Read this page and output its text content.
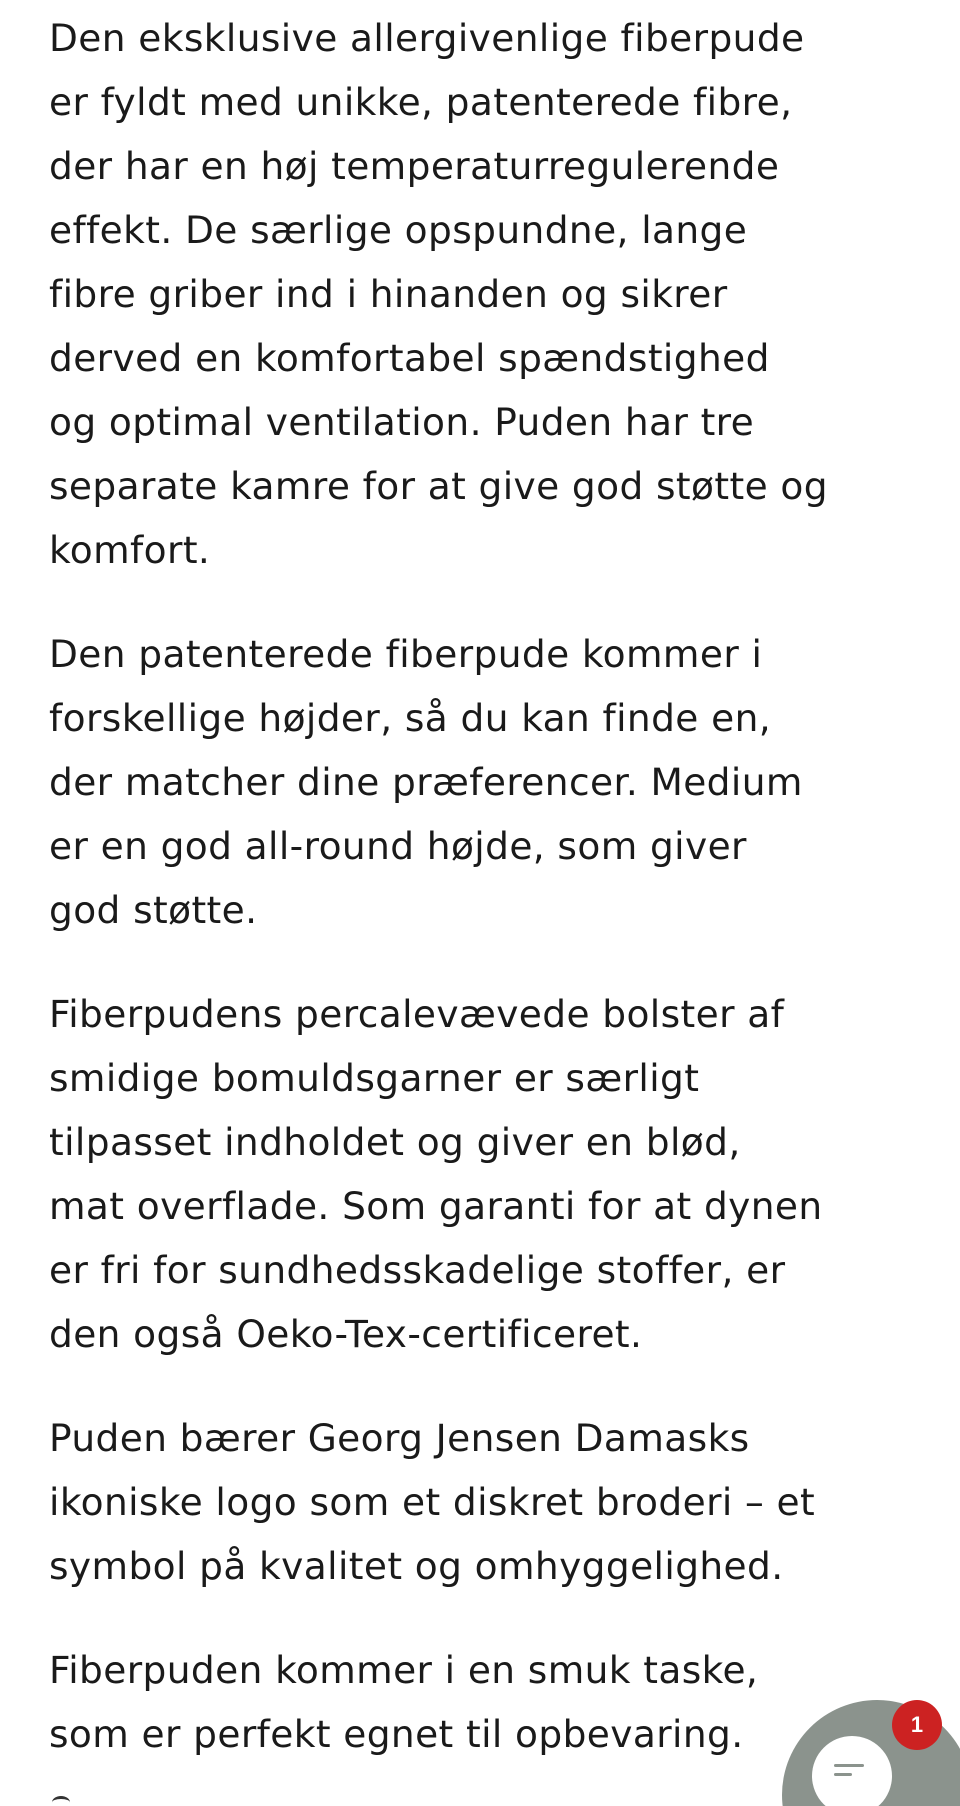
Den eksklusive allergivenlige fiberpude
er fyldt med unikke, patenterede fibre,
der har en høj temperaturregulerende
effekt. De særlige opspundne, lange
fibre griber ind i hinanden og sikrer
derved en komfortabel spændstighed
og optimal ventilation. Puden har tre
separate kamre for at give god støtte og
komfort.

Den patenterede fiberpude kommer i
forskellige højder, så du kan finde en,
der matcher dine præferencer. Medium
er en god all-round højde, som giver
god støtte.

Fiberpudens percalevævede bolster af
smidige bomuldsgarner er særligt
tilpasset indholdet og giver en blød,
mat overflade. Som garanti for at dynen
er fri for sundhedsskadelige stoffer, er
den også Oeko-Tex-certificeret.

Puden bærer Georg Jensen Damasks
ikoniske logo som et diskret broderi – et
symbol på kvalitet og omhyggelighed.

Fiberpuden kommer i en smuk taske,
som er perfekt egnet til opbevaring.	1
